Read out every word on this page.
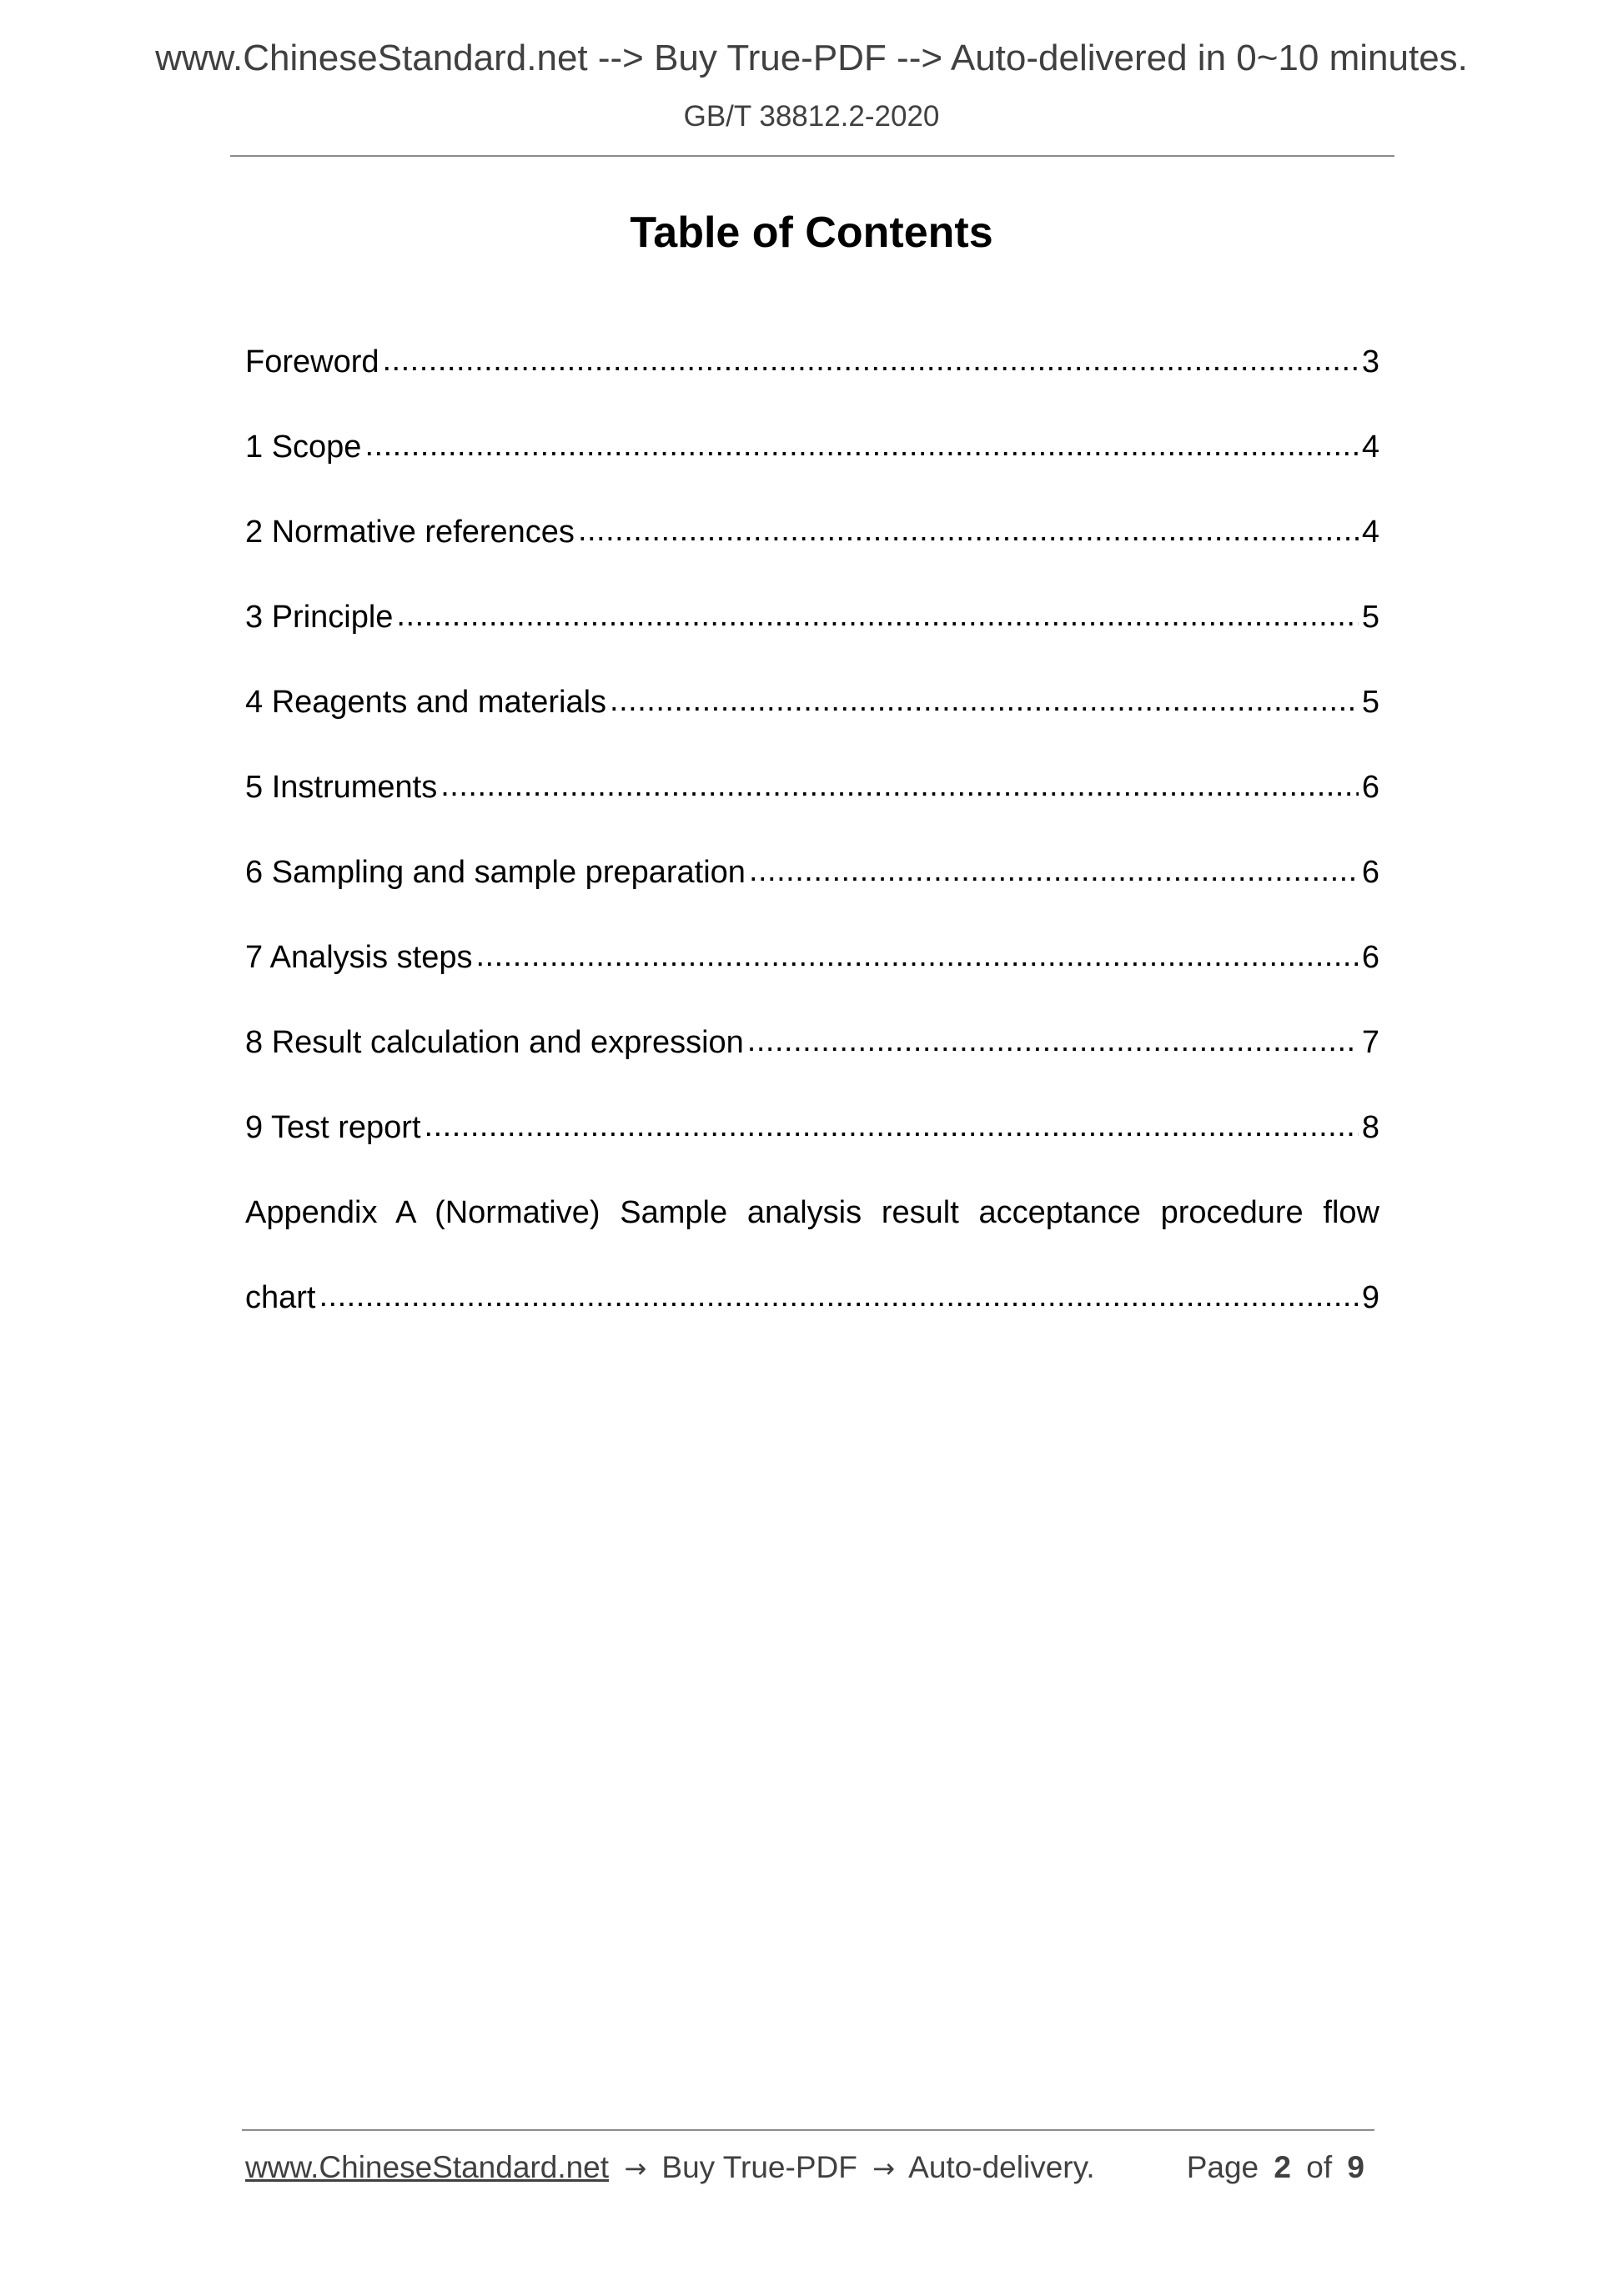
www.ChineseStandard.net --> Buy True-PDF --> Auto-delivered in 0~10 minutes.
GB/T 38812.2-2020
Table of Contents
Foreword .....	3
1 Scope .....	4
2 Normative references .....	4
3 Principle .....	5
4 Reagents and materials .....	5
5 Instruments .....	6
6 Sampling and sample preparation .....	6
7 Analysis steps .....	6
8 Result calculation and expression .....	7
9 Test report .....	8
Appendix A (Normative) Sample analysis result acceptance procedure flow
chart .....	9
www.ChineseStandard.net → Buy True-PDF → Auto-delivery.	Page 2 of 9
